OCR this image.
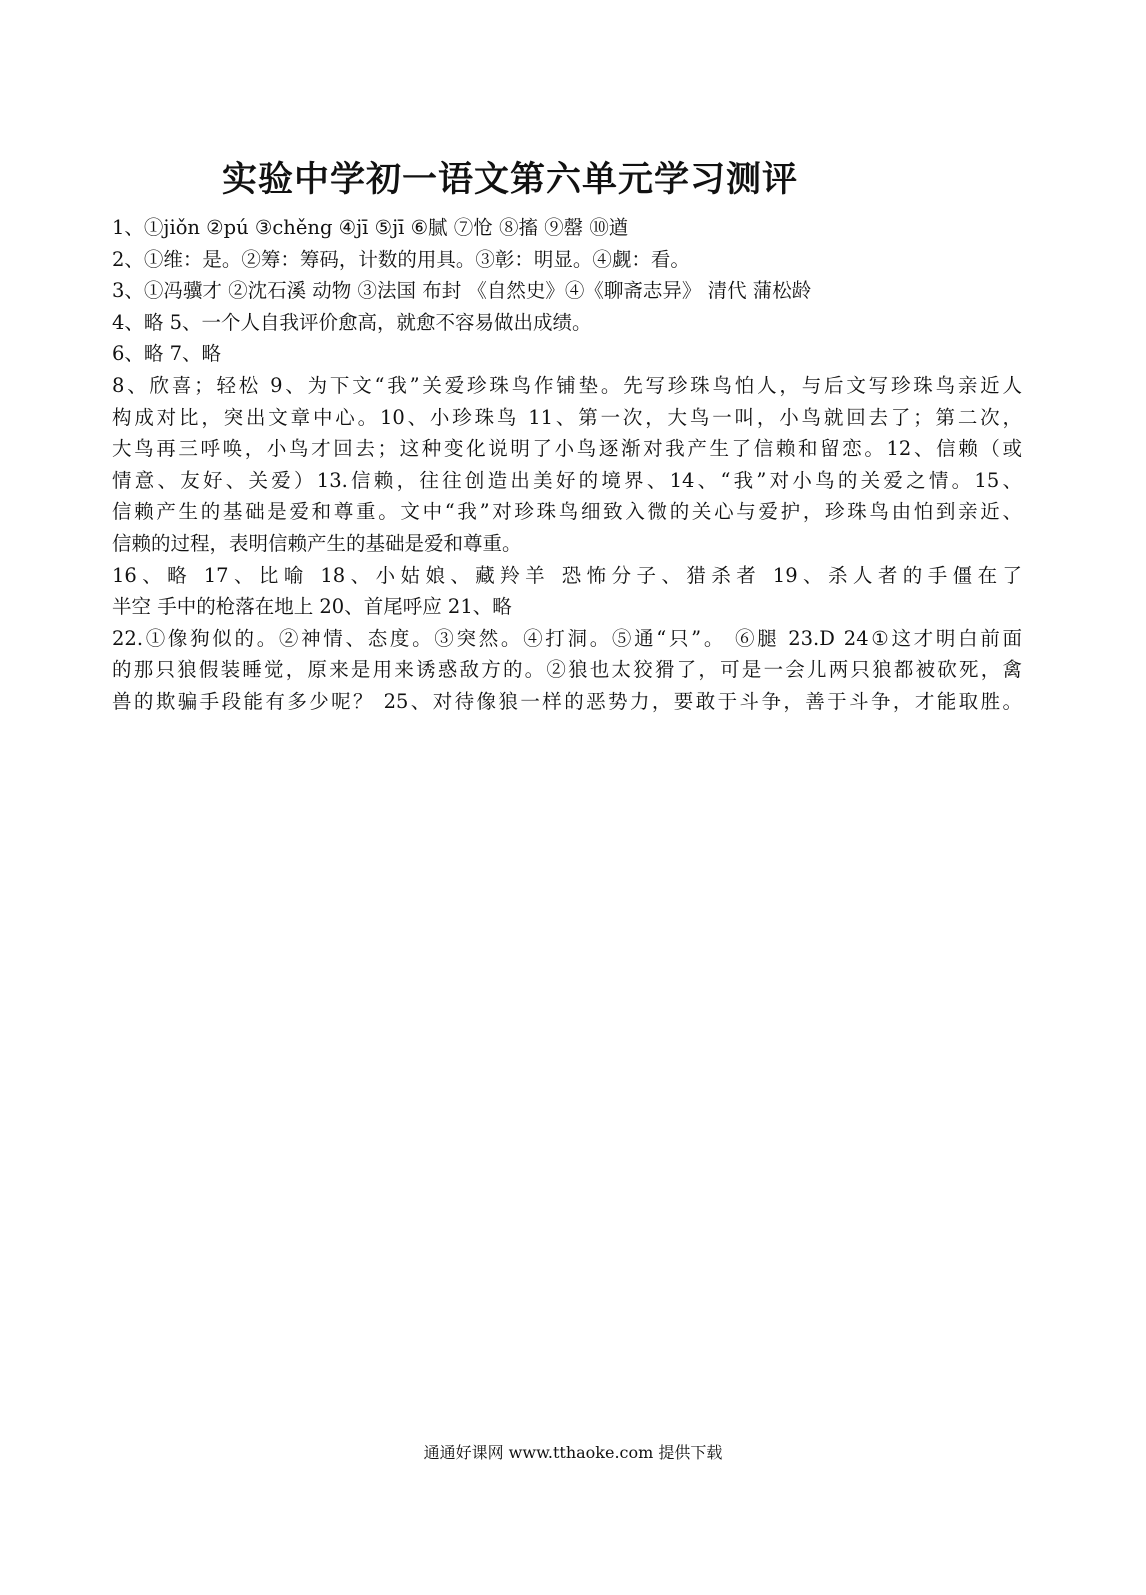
实验中学初一语文第六单元学习测评
1、①jiǒn ②pú ③chěng ④jī ⑤jī ⑥腻 ⑦怆 ⑧搐 ⑨罄 ⑩遒
2、①维：是。②筹：筹码，计数的用具。③彰：明显。④觑：看。
3、①冯骥才 ②沈石溪 动物 ③法国 布封 《自然史》④《聊斋志异》 清代 蒲松龄
4、略 5、一个人自我评价愈高，就愈不容易做出成绩。
6、略 7、略
8、欣喜；轻松 9、为下文“我”关爱珍珠鸟作铺垫。先写珍珠鸟怕人，与后文写珍珠鸟亲近人
构成对比，突出文章中心。10、小珍珠鸟 11、第一次，大鸟一叫，小鸟就回去了；第二次，
大鸟再三呼唤，小鸟才回去；这种变化说明了小鸟逐渐对我产生了信赖和留恋。12、信赖（或
情意、友好、关爱）13.信赖，往往创造出美好的境界、14、“我”对小鸟的关爱之情。15、
信赖产生的基础是爱和尊重。文中“我”对珍珠鸟细致入微的关心与爱护，珍珠鸟由怕到亲近、
信赖的过程，表明信赖产生的基础是爱和尊重。
16、略 17、比喻 18、小姑娘、藏羚羊 恐怖分子、猎杀者 19、杀人者的手僵在了
半空 手中的枪落在地上 20、首尾呼应 21、略
22.①像狗似的。②神情、态度。③突然。④打洞。⑤通“只”。 ⑥腿 23.D 24①这才明白前面
的那只狼假装睡觉，原来是用来诱惑敌方的。②狼也太狡猾了，可是一会儿两只狼都被砍死，禽
兽的欺骗手段能有多少呢？ 25、对待像狼一样的恶势力，要敢于斗争，善于斗争，才能取胜。
通通好课网 www.tthaoke.com 提供下载
